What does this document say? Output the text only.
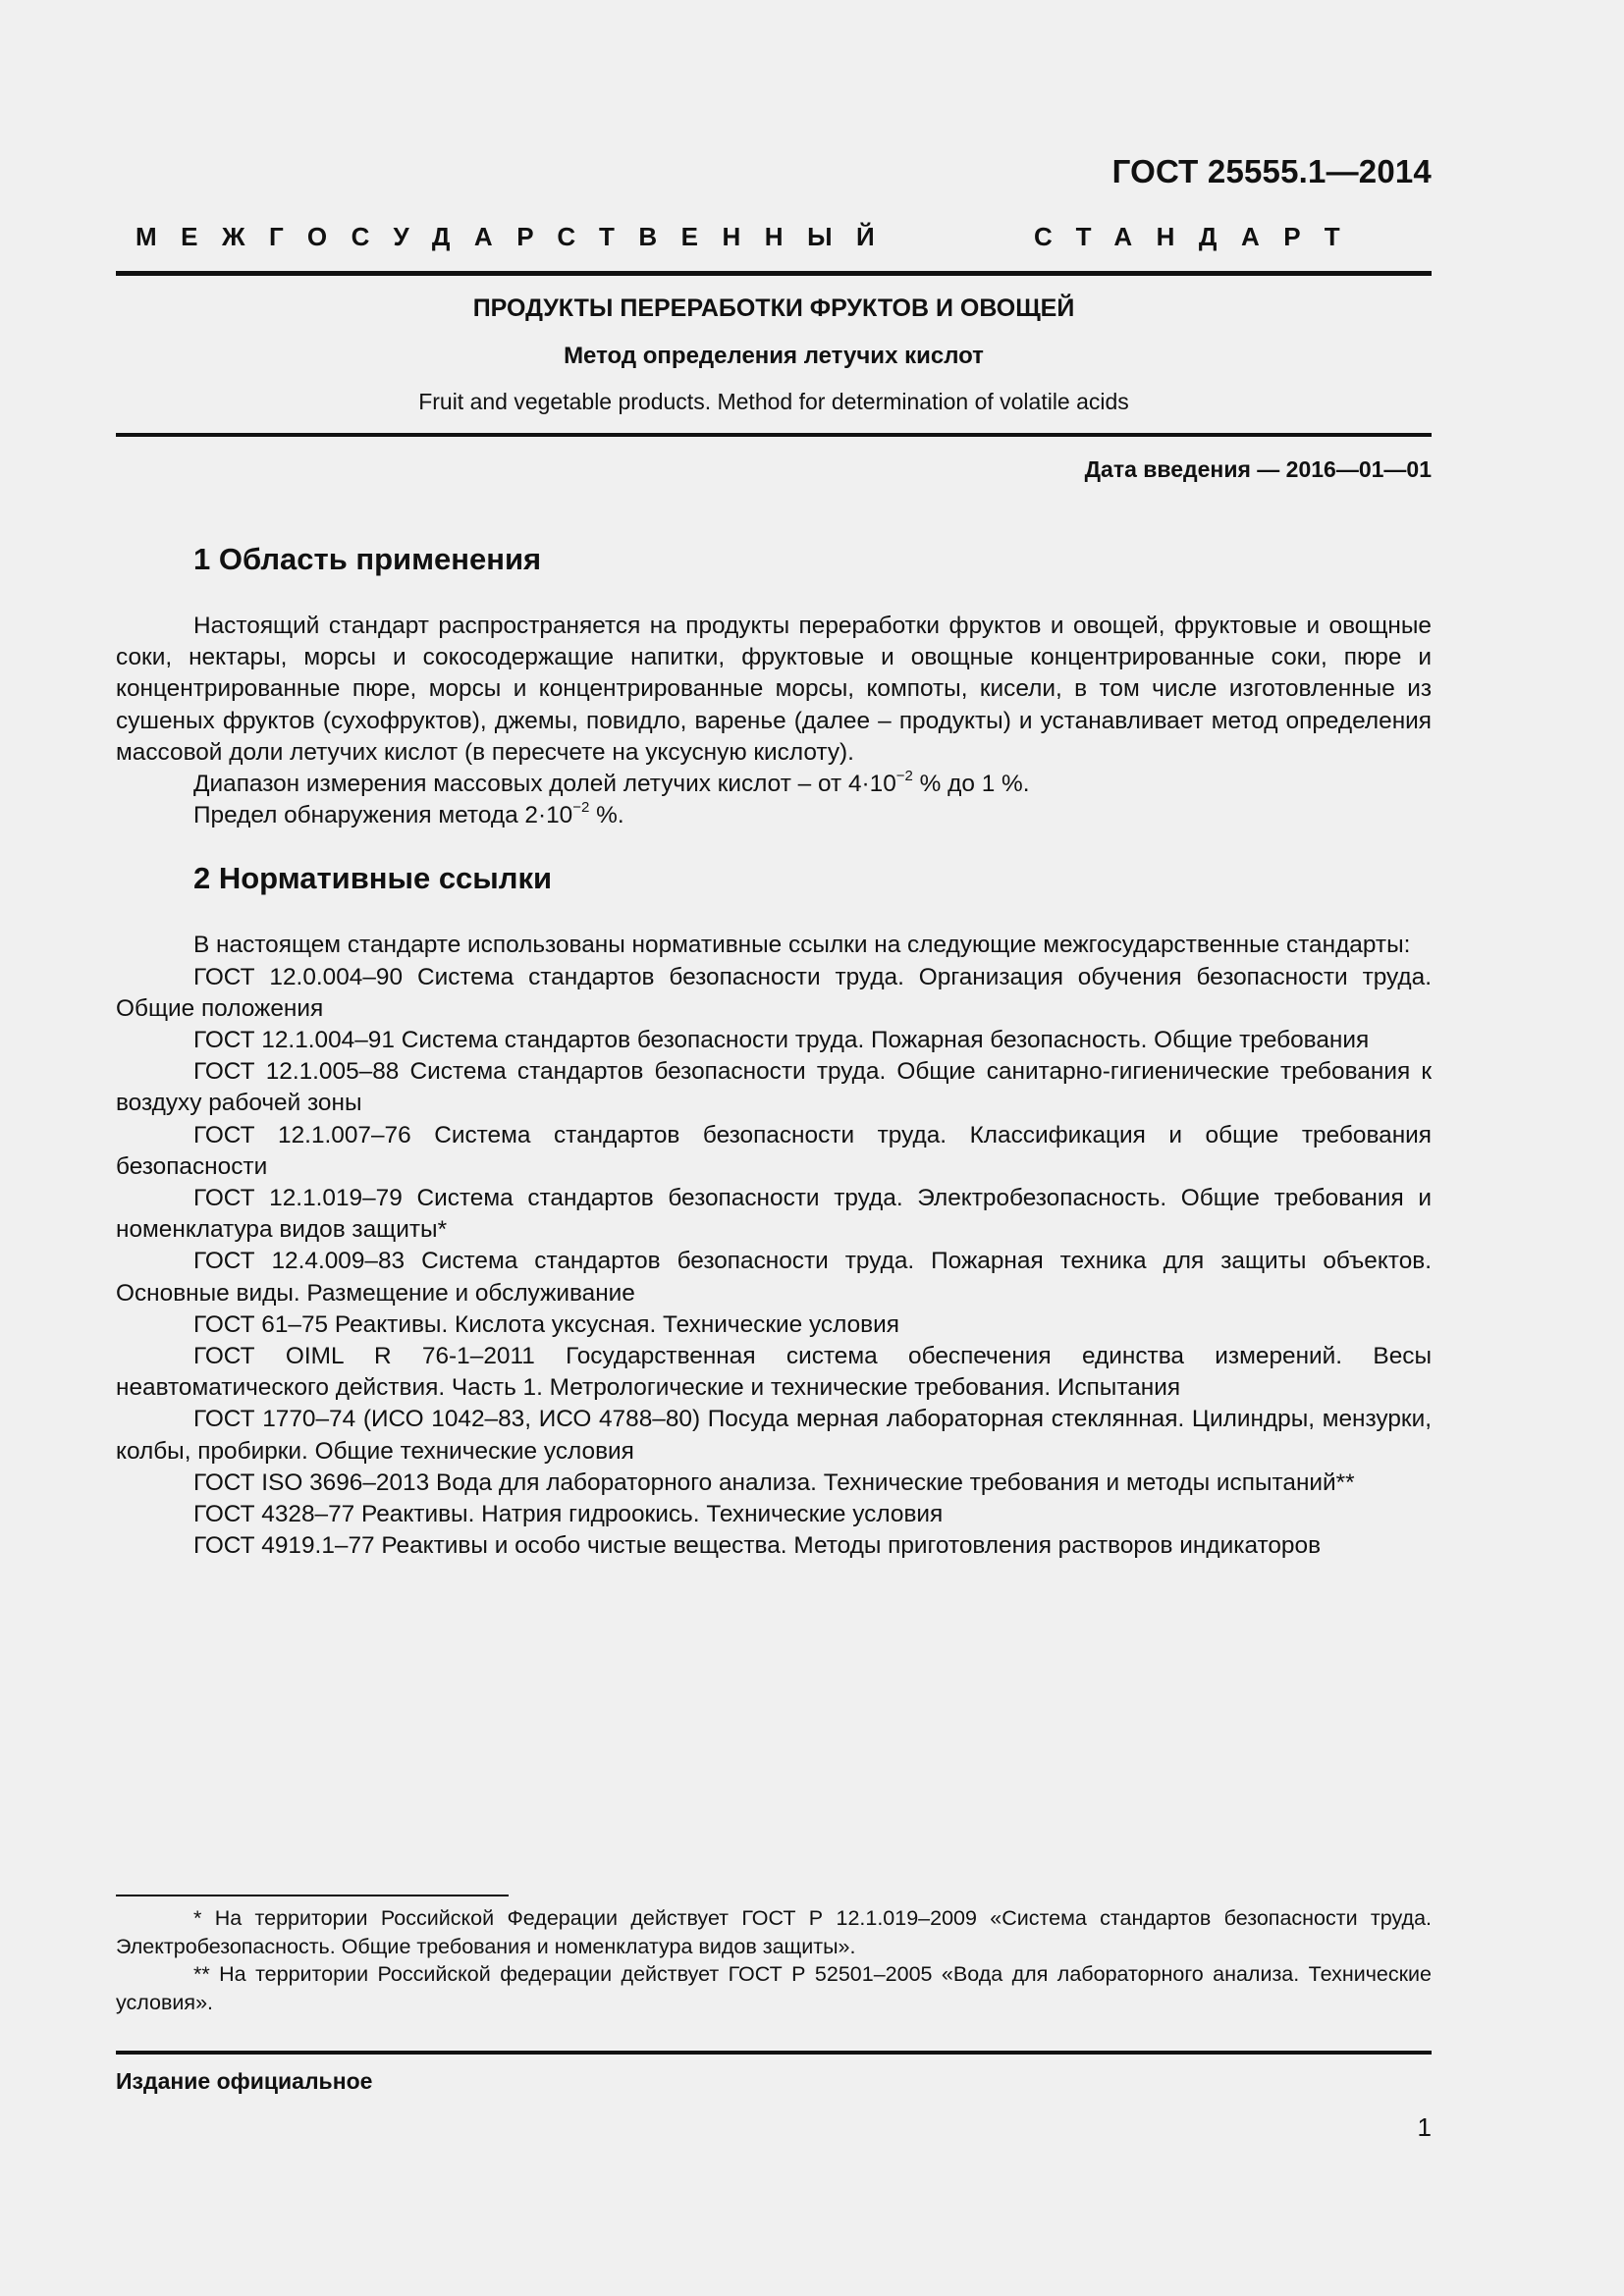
ГОСТ 25555.1—2014
МЕЖГОСУДАРСТВЕННЫЙ	СТАНДАРТ
ПРОДУКТЫ ПЕРЕРАБОТКИ ФРУКТОВ И ОВОЩЕЙ
Метод определения летучих кислот
Fruit and vegetable products. Method for determination of volatile acids
Дата введения — 2016—01—01
1 Область применения

Настоящий стандарт распространяется на продукты переработки фруктов и овощей, фруктовые и овощные соки, нектары, морсы и сокосодержащие напитки, фруктовые и овощные концентрированные соки, пюре и концентрированные пюре, морсы и концентрированные морсы, компоты, кисели, в том числе изготовленные из сушеных фруктов (сухофруктов), джемы, повидло, варенье (далее – продукты) и устанавливает метод определения массовой доли летучих кислот (в пересчете на уксусную кислоту).

Диапазон измерения массовых долей летучих кислот – от $4\cdot 10^{-2}$ % до 1 %.

Предел обнаружения метода $2\cdot 10^{-2}$ %.

2 Нормативные ссылки

В настоящем стандарте использованы нормативные ссылки на следующие межгосударственные стандарты:

ГОСТ 12.0.004–90 Система стандартов безопасности труда. Организация обучения безопасности труда. Общие положения

ГОСТ 12.1.004–91 Система стандартов безопасности труда. Пожарная безопасность. Общие требования

ГОСТ 12.1.005–88 Система стандартов безопасности труда. Общие санитарно-гигиенические требования к воздуху рабочей зоны

ГОСТ 12.1.007–76 Система стандартов безопасности труда. Классификация и общие требования безопасности

ГОСТ 12.1.019–79 Система стандартов безопасности труда. Электробезопасность. Общие требования и номенклатура видов защиты*

ГОСТ 12.4.009–83 Система стандартов безопасности труда. Пожарная техника для защиты объектов. Основные виды. Размещение и обслуживание

ГОСТ 61–75 Реактивы. Кислота уксусная. Технические условия

ГОСТ OIML R 76-1–2011 Государственная система обеспечения единства измерений. Весы неавтоматического действия. Часть 1. Метрологические и технические требования. Испытания

ГОСТ 1770–74 (ИСО 1042–83, ИСО 4788–80) Посуда мерная лабораторная стеклянная. Цилиндры, мензурки, колбы, пробирки. Общие технические условия

ГОСТ ISO 3696–2013 Вода для лабораторного анализа. Технические требования и методы испытаний**

ГОСТ 4328–77 Реактивы. Натрия гидроокись. Технические условия

ГОСТ 4919.1–77 Реактивы и особо чистые вещества. Методы приготовления растворов индикаторов

* На территории Российской Федерации действует ГОСТ Р 12.1.019–2009 «Система стандартов безопасности труда. Электробезопасность. Общие требования и номенклатура видов защиты».

** На территории Российской федерации действует ГОСТ Р 52501–2005 «Вода для лабораторного анализа. Технические условия».

Издание официальное
1
